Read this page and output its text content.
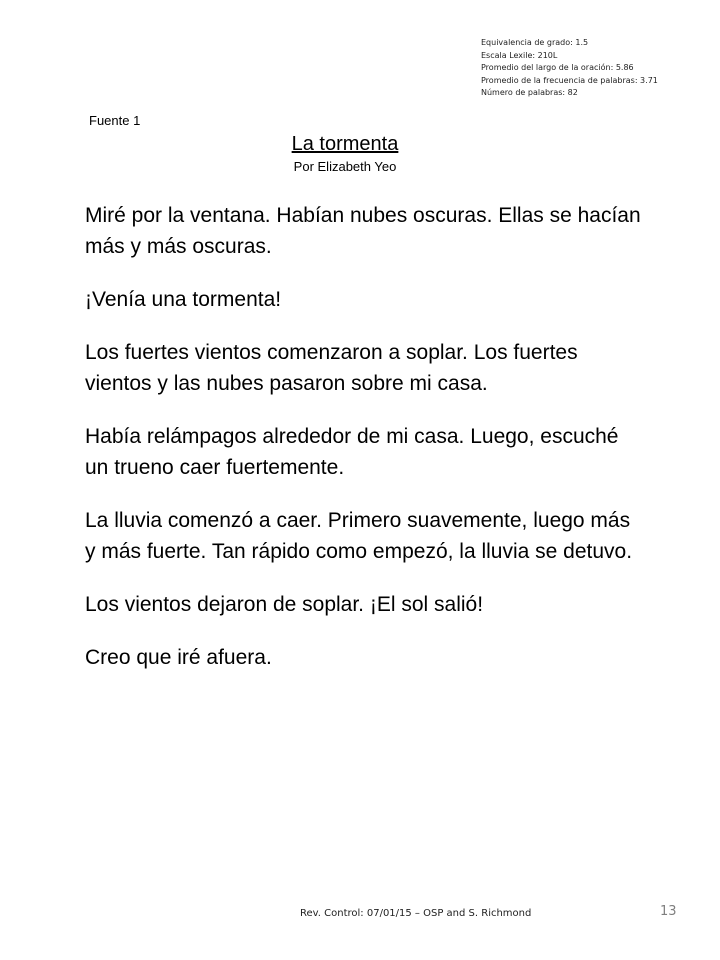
Equivalencia de grado: 1.5
Escala Lexile: 210L
Promedio del largo de la oración: 5.86
Promedio de la frecuencia de palabras: 3.71
Número de palabras: 82
Fuente 1
La tormenta
Por Elizabeth Yeo

Miré por la ventana. Habían nubes oscuras. Ellas se hacían más y más oscuras.

¡Venía una tormenta!

Los fuertes vientos comenzaron a soplar. Los fuertes vientos y las nubes pasaron sobre mi casa.

Había relámpagos alrededor de mi casa. Luego, escuché un trueno caer fuertemente.

La lluvia comenzó a caer. Primero suavemente, luego más y más fuerte. Tan rápido como empezó, la lluvia se detuvo.

Los vientos dejaron de soplar. ¡El sol salió!

Creo que iré afuera.

Rev. Control: 07/01/15 – OSP and S. Richmond	13
